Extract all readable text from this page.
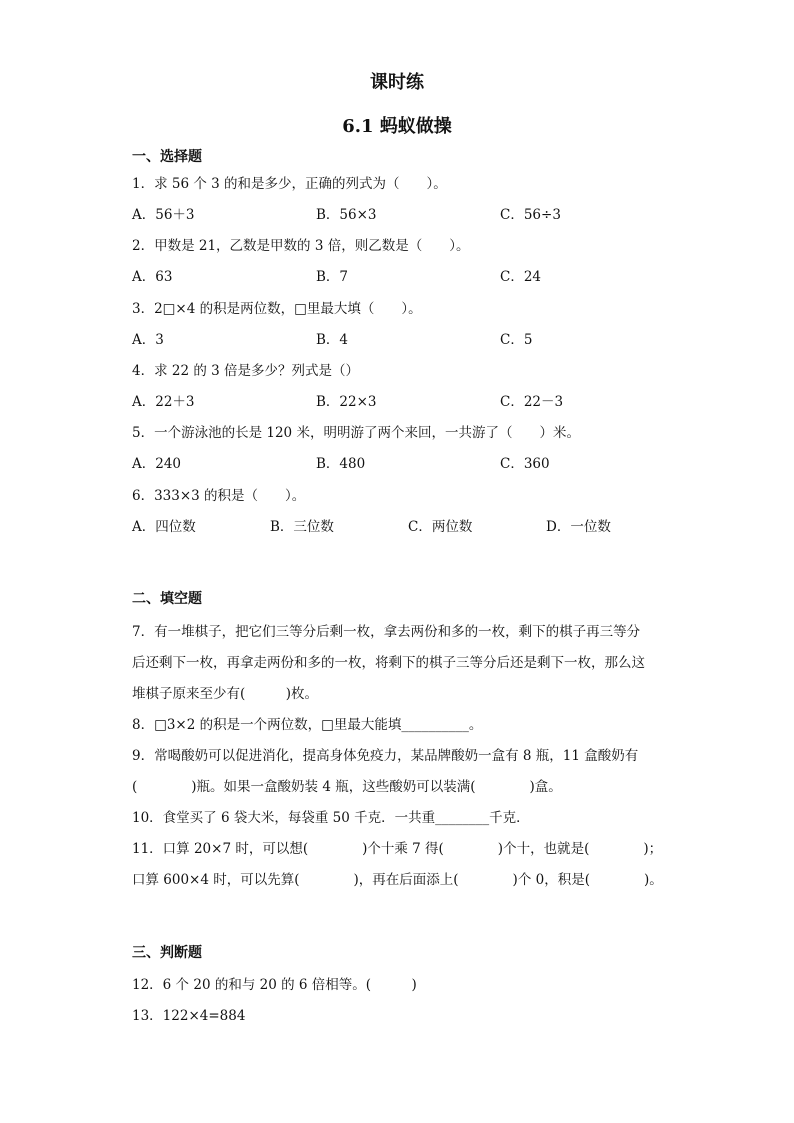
课时练
6.1 蚂蚁做操
一、选择题
1．求 56 个 3 的和是多少，正确的列式为（　　）。
A．56＋3	B．56×3	C．56÷3
2．甲数是 21，乙数是甲数的 3 倍，则乙数是（　　）。
A．63	B．7	C．24
3．2□×4 的积是两位数，□里最大填（　　）。
A．3	B．4	C．5
4．求 22 的 3 倍是多少？列式是（）
A．22＋3	B．22×3	C．22－3
5．一个游泳池的长是 120 米，明明游了两个来回，一共游了（　　）米。
A．240	B．480	C．360
6．333×3 的积是（　　）。
A．四位数	B．三位数	C．两位数	D．一位数
二、填空题
7．有一堆棋子，把它们三等分后剩一枚，拿去两份和多的一枚，剩下的棋子再三等分
后还剩下一枚，再拿走两份和多的一枚，将剩下的棋子三等分后还是剩下一枚，那么这
堆棋子原来至少有(　　　)枚。
8．□3×2 的积是一个两位数，□里最大能填__________。
9．常喝酸奶可以促进消化，提高身体免疫力，某品牌酸奶一盒有 8 瓶，11 盒酸奶有
(　　　　)瓶。如果一盒酸奶装 4 瓶，这些酸奶可以装满(　　　　)盒。
10．食堂买了 6 袋大米，每袋重 50 千克．一共重________千克．
11．口算 20×7 时，可以想(　　　　)个十乘 7 得(　　　　)个十，也就是(　　　　)；
口算 600×4 时，可以先算(　　　　)，再在后面添上(　　　　)个 0，积是(　　　　)。
三、判断题
12．6 个 20 的和与 20 的 6 倍相等。(　　　)
13．122×4=884
